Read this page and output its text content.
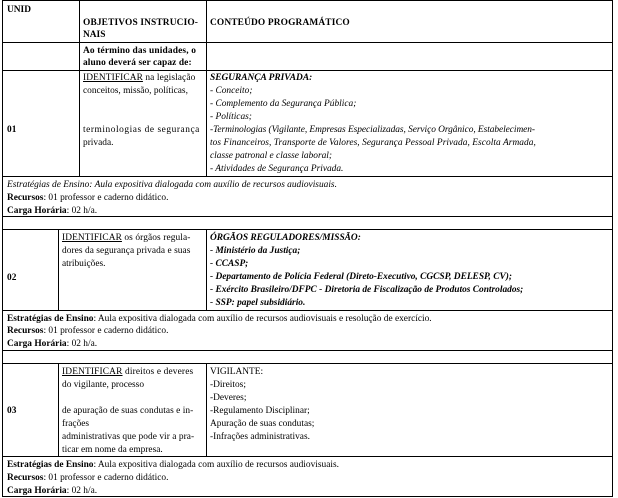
UNID
OBJETIVOS INSTRUCIO-
NAIS
CONTEÚDO PROGRAMÁTICO
Ao término das unidades, o
aluno deverá ser capaz de:
01
IDENTIFICAR na legislação
conceitos, missão, políticas,
terminologias de segurança
privada.
SEGURANÇA PRIVADA:
- Conceito;
- Complemento da Segurança Pública;
- Políticas;
-Terminologias (Vigilante, Empresas Especializadas, Serviço Orgânico, Estabelecimen-
tos Financeiros, Transporte de Valores, Segurança Pessoal Privada, Escolta Armada,
classe patronal e classe laboral;
- Atividades de Segurança Privada.
Estratégias de Ensino: Aula expositiva dialogada com auxílio de recursos audiovisuais.
Recursos: 01 professor e caderno didático.
Carga Horária: 02 h/a.
02
IDENTIFICAR os órgãos regula-
dores da segurança privada e suas
atribuições.
ÓRGÃOS REGULADORES/MISSÃO:
- Ministério da Justiça;
- CCASP;
- Departamento de Polícia Federal (Direto-Executivo, CGCSP, DELESP, CV);
- Exército Brasileiro/DFPC - Diretoria de Fiscalização de Produtos Controlados;
- SSP: papel subsidiário.
Estratégias de Ensino: Aula expositiva dialogada com auxílio de recursos audiovisuais e resolução de exercício.
Recursos: 01 professor e caderno didático.
Carga Horária: 02 h/a.
03
IDENTIFICAR direitos e deveres
do vigilante, processo
de apuração de suas condutas e in-
frações
administrativas que pode vir a pra-
ticar em nome da empresa.
VIGILANTE:
-Direitos;
-Deveres;
-Regulamento Disciplinar;
Apuração de suas condutas;
-Infrações administrativas.
Estratégias de Ensino: Aula expositiva dialogada com auxílio de recursos audiovisuais.
Recursos: 01 professor e caderno didático.
Carga Horária: 02 h/a.
